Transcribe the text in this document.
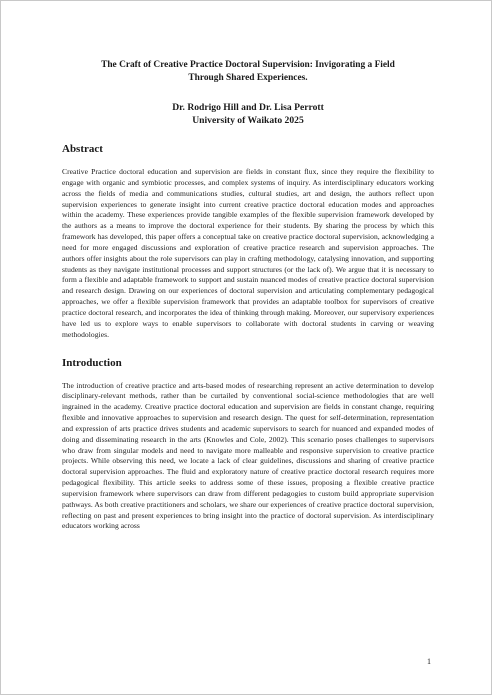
The Craft of Creative Practice Doctoral Supervision: Invigorating a Field
Through Shared Experiences.
Dr. Rodrigo Hill and Dr. Lisa Perrott
University of Waikato 2025
Abstract

Creative Practice doctoral education and supervision are fields in constant flux, since they require the flexibility to engage with organic and symbiotic processes, and complex systems of inquiry. As interdisciplinary educators working across the fields of media and communications studies, cultural studies, art and design, the authors reflect upon supervision experiences to generate insight into current creative practice doctoral education modes and approaches within the academy. These experiences provide tangible examples of the flexible supervision framework developed by the authors as a means to improve the doctoral experience for their students. By sharing the process by which this framework has developed, this paper offers a conceptual take on creative practice doctoral supervision, acknowledging a need for more engaged discussions and exploration of creative practice research and supervision approaches. The authors offer insights about the role supervisors can play in crafting methodology, catalysing innovation, and supporting students as they navigate institutional processes and support structures (or the lack of). We argue that it is necessary to form a flexible and adaptable framework to support and sustain nuanced modes of creative practice doctoral supervision and research design. Drawing on our experiences of doctoral supervision and articulating complementary pedagogical approaches, we offer a flexible supervision framework that provides an adaptable toolbox for supervisors of creative practice doctoral research, and incorporates the idea of thinking through making. Moreover, our supervisory experiences have led us to explore ways to enable supervisors to collaborate with doctoral students in carving or weaving methodologies.

Introduction

The introduction of creative practice and arts-based modes of researching represent an active determination to develop disciplinary-relevant methods, rather than be curtailed by conventional social-science methodologies that are well ingrained in the academy. Creative practice doctoral education and supervision are fields in constant change, requiring flexible and innovative approaches to supervision and research design. The quest for self-determination, representation and expression of arts practice drives students and academic supervisors to search for nuanced and expanded modes of doing and disseminating research in the arts (Knowles and Cole, 2002). This scenario poses challenges to supervisors who draw from singular models and need to navigate more malleable and responsive supervision to creative practice projects. While observing this need, we locate a lack of clear guidelines, discussions and sharing of creative practice doctoral supervision approaches. The fluid and exploratory nature of creative practice doctoral research requires more pedagogical flexibility. This article seeks to address some of these issues, proposing a flexible creative practice supervision framework where supervisors can draw from different pedagogies to custom build appropriate supervision pathways. As both creative practitioners and scholars, we share our experiences of creative practice doctoral supervision, reflecting on past and present experiences to bring insight into the practice of doctoral supervision. As interdisciplinary educators working across

1
